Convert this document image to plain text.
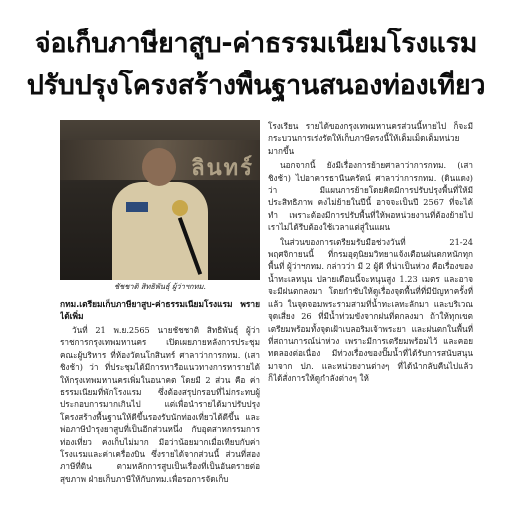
จ่อเก็บภาษียาสูบ-ค่าธรรมเนียมโรงแรม
ปรับปรุงโครงสร้างพื้นฐานสนองท่องเที่ยว
ลินทร์
ชัชชาติ สิทธิพันธุ์ ผู้ว่าฯกทม.
กทม.เตรียมเก็บภาษียาสูบ-ค่าธรรมเนียมโรงแรม พรายได้เพิ่ม

วันที่ 21 พ.ย.2565 นายชัชชาติ สิทธิพันธุ์ ผู้ว่าราชการกรุงเทพมหานคร เปิดเผยภายหลังการประชุมคณะผู้บริหาร ที่ห้องวัดนโกสินทร์ ศาลาว่าการกทม. (เสาชิงช้า) ว่า ที่ประชุมได้มีการหารือแนวทางการหารายได้ให้กรุงเทพมหานครเพิ่มในอนาคต โดยมี 2 ส่วน คือ ค่าธรรมเนียมที่พักโรงแรม ซึ่งต้องสรุปกรอบที่ไม่กระทบผู้ประกอบการมากเกินไป แต่เพื่อนำรายได้มาปรับปรุงโครงสร้างพื้นฐานให้ดีขึ้นรองรับนักท่องเที่ยวได้ดีขึ้น และพ่อภาษีบำรุงยาสูบที่เป็นอีกส่วนหนึ่ง กับอุตสาหกรรมการท่องเที่ยว คงเก็บไม่มาก มีอว่าน้อยมากเมื่อเทียบกับค่าโรงแรมและค่าเครื่องบิน ซึ่งรายได้จากส่วนนี้ ส่วนที่สอง ภาษีที่ดิน ตามหลักการสูบเป็นเรื่องที่เป็นอันตรายต่อสุขภาพ ฝ่ายเก็บภาษีให้กับกทม.เพื่อรอการจัดเก็บ

โรงเรียน รายได้ของกรุงเทพมหานครส่วนนี้หายไป ก็จะมีกระบวนการเร่งรัดให้เก็บภาษีตรงนี้ให้เต็มเม็ดเต็มหน่วยมากขึ้น

นอกจากนี้ ยังมีเรื่องการย้ายศาลาว่าการกทม. (เสาชิงช้า) ไปอาคารธานีนครัตน์ ศาลาว่าการกทม. (ดินแดง) ว่า มีแผนการย้ายโดยคิดมีการปรับปรุงพื้นที่ให้มีประสิทธิภาพ คงไม่ย้ายในปีนี้ อาจจะเป็นปี 2567 ที่จะได้ทำ เพราะต้องมีการปรับพื้นที่ให้พอหน่วยงานที่ต้องย้ายไป เราไม่ได้รีบต้องใช้เวลาแต่สู่ในแผน

ในส่วนของการเตรียมรับมือช่วงวันที่ 21-24 พฤศจิกายนนี้ ที่กรมอุตุนิยมวิทยาแจ้งเตือนฝนตกหนักทุกพื้นที่ ผู้ว่าฯกทม. กล่าวว่า มี 2 ผู้ดี ที่น่าเป็นห่วง คือเรื่องของน้ำทะเลหนุน ปลายเดือนนี้จะหนุนสูง 1.23 เมตร และอาจจะมีฝนตกลงมา โดยกำชับให้ดูเรื่องจุดพื้นที่ที่มีปัญหาครั้งที่แล้ว ในจุดจอมพระรามสามที่น้ำทะเลทะลักมา และบริเวณจุดเสี่ยง 26 ที่มีน้ำท่วมขังจากฝนที่ตกลงมา ถ้าให้ทุกเขตเตรียมพร้อมทั้งจุดเฝ้าเบลอริมเจ้าพระยา และฝนตกในพื้นที่ ที่สถานการณ์น่าห่วง เพราะมีการเตรียมพร้อมไว้ และคอยทดลองต่อเนื่อง มีท่วงเรื่องของปั๊มน้ำที่ได้รับการสนับสนุนมาจาก ปภ. และหน่วยงานต่างๆ ที่ได้นำกลับคืนไปแล้ว ก็ได้สั่งการให้ดูกำลังต่างๆ ให้
